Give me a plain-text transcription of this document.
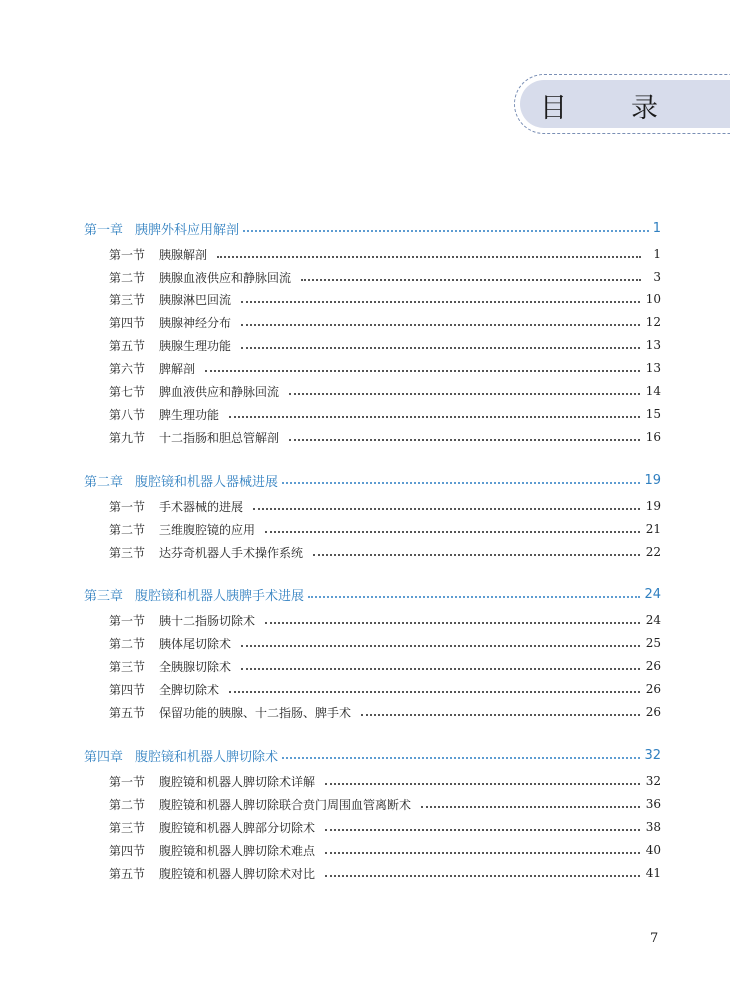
目录
第一章 胰脾外科应用解剖	1
第一节	胰腺解剖	1
第二节	胰腺血液供应和静脉回流	3
第三节	胰腺淋巴回流	10
第四节	胰腺神经分布	12
第五节	胰腺生理功能	13
第六节	脾解剖	13
第七节	脾血液供应和静脉回流	14
第八节	脾生理功能	15
第九节	十二指肠和胆总管解剖	16
第二章 腹腔镜和机器人器械进展	19
第一节	手术器械的进展	19
第二节	三维腹腔镜的应用	21
第三节	达芬奇机器人手术操作系统	22
第三章 腹腔镜和机器人胰脾手术进展	24
第一节	胰十二指肠切除术	24
第二节	胰体尾切除术	25
第三节	全胰腺切除术	26
第四节	全脾切除术	26
第五节	保留功能的胰腺、十二指肠、脾手术	26
第四章 腹腔镜和机器人脾切除术	32
第一节	腹腔镜和机器人脾切除术详解	32
第二节	腹腔镜和机器人脾切除联合贲门周围血管离断术	36
第三节	腹腔镜和机器人脾部分切除术	38
第四节	腹腔镜和机器人脾切除术难点	40
第五节	腹腔镜和机器人脾切除术对比	41
7
